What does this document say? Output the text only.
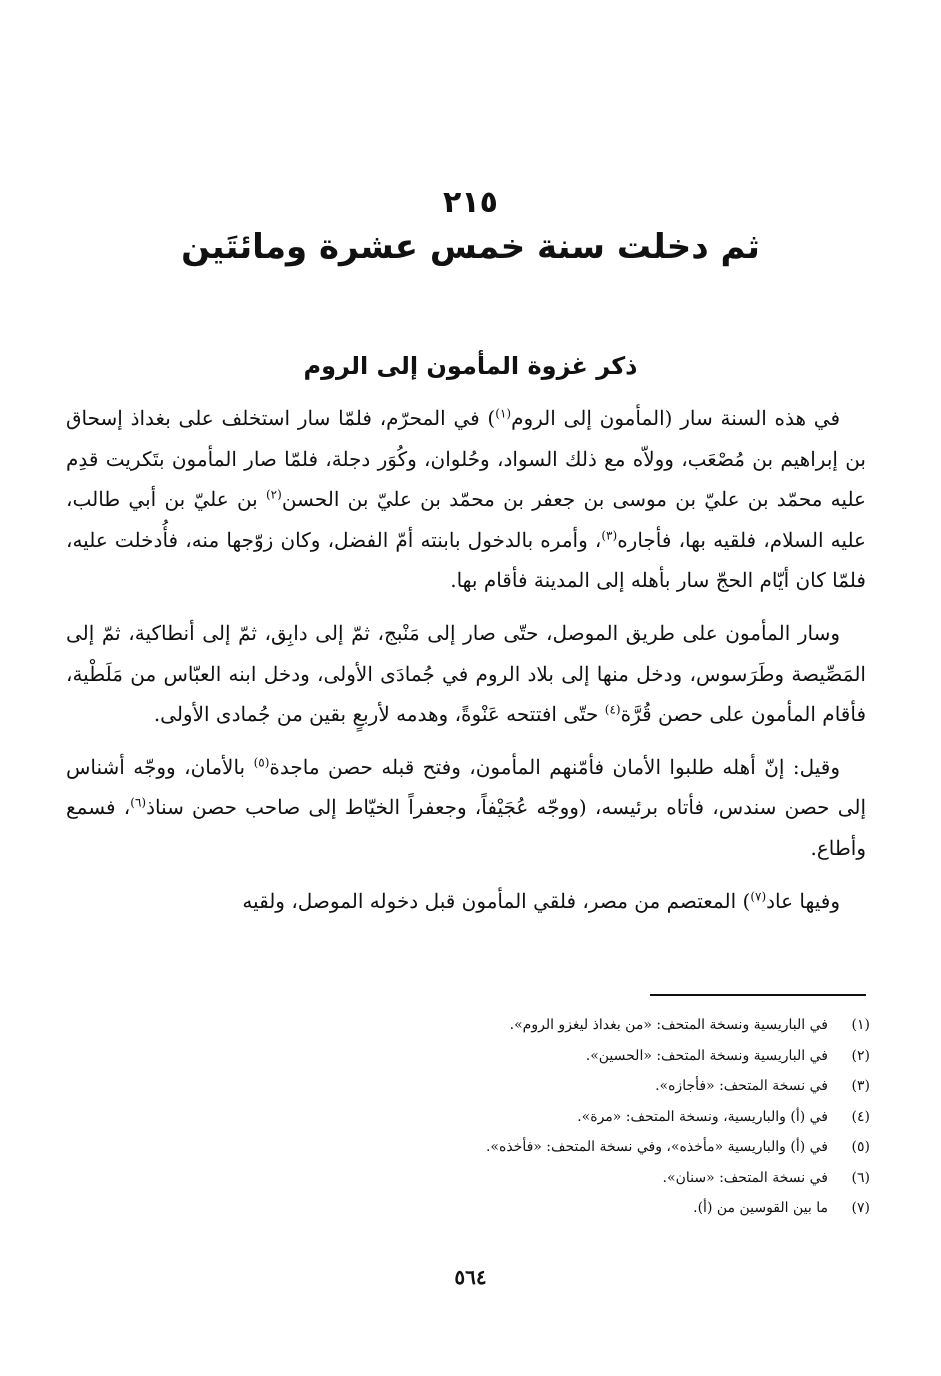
٢١٥
ثم دخلت سنة خمس عشرة ومائتَين
ذكر غزوة المأمون إلى الروم

في هذه السنة سار (المأمون إلى الروم$^{(١)}$) في المحرّم، فلمّا سار استخلف على بغداذ إسحاق بن إبراهيم بن مُصْعَب، وولاّه مع ذلك السواد، وحُلوان، وكُوَر دجلة، فلمّا صار المأمون بتَكريت قدِم عليه محمّد بن عليّ بن موسى بن جعفر بن محمّد بن عليّ بن الحسن$^{(٢)}$ بن عليّ بن أبي طالب، عليه السلام، فلقيه بها، فأجاره$^{(٣)}$، وأمره بالدخول بابنته أمّ الفضل، وكان زوّجها منه، فأُدخلت عليه، فلمّا كان أيّام الحجّ سار بأهله إلى المدينة فأقام بها.

وسار المأمون على طريق الموصل، حتّى صار إلى مَنْبج، ثمّ إلى دابِق، ثمّ إلى أنطاكية، ثمّ إلى المَصِّيصة وطَرَسوس، ودخل منها إلى بلاد الروم في جُمادَى الأولى، ودخل ابنه العبّاس من مَلَطْية، فأقام المأمون على حصن قُرَّة$^{(٤)}$ حتّى افتتحه عَنْوةً، وهدمه لأربعٍ بقين من جُمادى الأولى.

وقيل: إنّ أهله طلبوا الأمان فأمّنهم المأمون، وفتح قبله حصن ماجدة$^{(٥)}$ بالأمان، ووجّه أشناس إلى حصن سندس، فأتاه برئيسه، (ووجّه عُجَيْفاً، وجعفراً الخيّاط إلى صاحب حصن سناذ$^{(٦)}$، فسمع وأطاع.

وفيها عاد$^{(٧)}$) المعتصم من مصر، فلقي المأمون قبل دخوله الموصل، ولقيه

(١)
في الباريسية ونسخة المتحف: «من بغداذ ليغزو الروم».
(٢)
في الباريسية ونسخة المتحف: «الحسين».
(٣)
في نسخة المتحف: «فأجازه».
(٤)
في (أ) والباريسية، ونسخة المتحف: «مرة».
(٥)
في (أ) والباريسية «مأخذه»، وفي نسخة المتحف: «فأخذه».
(٦)
في نسخة المتحف: «سنان».
(٧)
ما بين القوسين من (أ).
٥٦٤
